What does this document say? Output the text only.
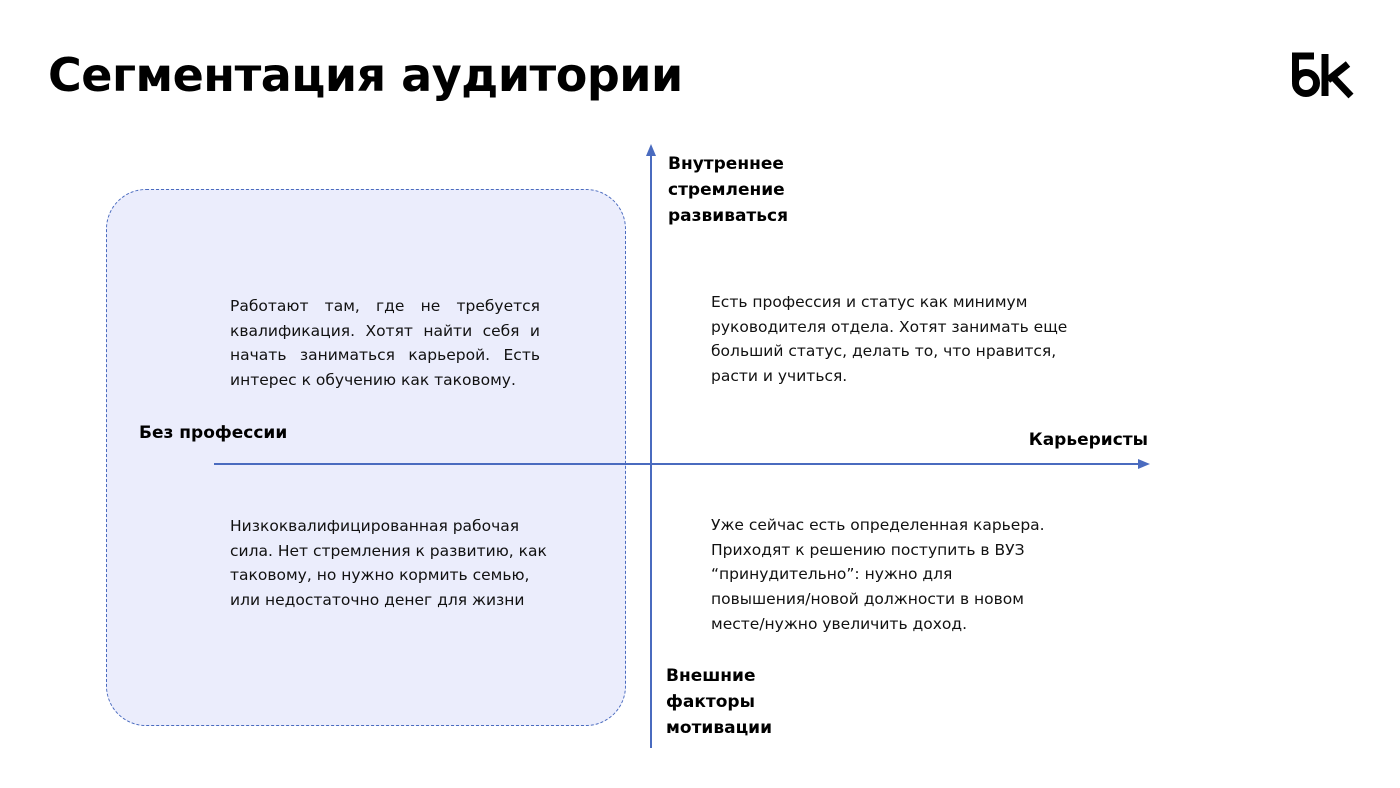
Сегментация аудитории

Внутреннее стремление развиваться

Внешние факторы мотивации

Без профессии	Карьеристы

Работают там, где не требуется квалификация. Хотят найти себя и начать заниматься карьерой. Есть интерес к обучению как таковому.

Есть профессия и статус как минимум руководителя отдела. Хотят занимать еще больший статус, делать то, что нравится, расти и учиться.

Низкоквалифицированная рабочая сила. Нет стремления к развитию, как таковому, но нужно кормить семью, или недостаточно денег для жизни

Уже сейчас есть определенная карьера. Приходят к решению поступить в ВУЗ “принудительно”: нужно для повышения/новой должности в новом месте/нужно увеличить доход.
